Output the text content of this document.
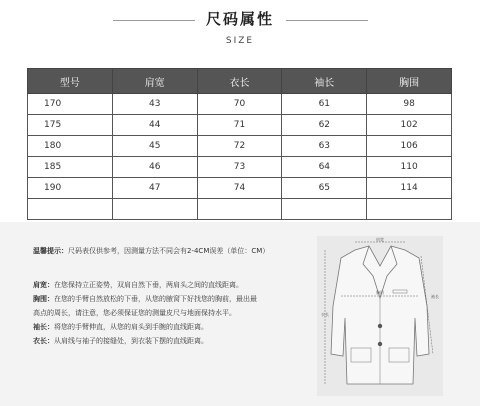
尺码属性
SIZE
型号	肩宽	衣长	袖长	胸围
170	43	70	61	98
175	44	71	62	102
180	45	72	63	106
185	46	73	64	110
190	47	74	65	114

温馨提示：尺码表仅供参考，因测量方法不同会有2-4CM误差（单位：CM）
肩宽：在您保持立正姿势，双肩自然下垂，两肩头之间的直线距离。
胸围：在您的手臂自然放松的下垂，从您的腋窝下好找您的胸前，最出最
高点的周长，请注意，您必须保证您的测量皮尺与地面保持水平。
袖长：将您的手臂伸直，从您的肩头到手腕的直线距离。
衣长：从肩线与袖子的接缝处，到衣装下摆的直线距离。
肩宽
胸围
衣长
袖长
